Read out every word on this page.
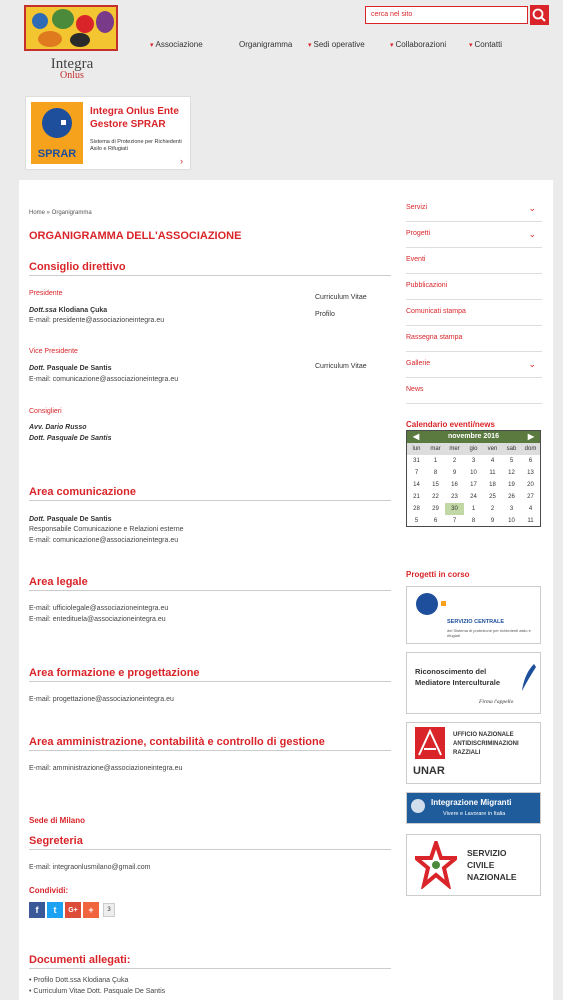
Integra
Onlus
cerca nel sito
▾ Associazione	Organigramma ▾ Sedi operative	▾ Collaborazioni	▾ Contatti
SPRAR
Integra Onlus Ente Gestore SPRAR
Sistema di Protezione per Richiedenti Asilo e Rifugiati
›
Home » Organigramma
ORGANIGRAMMA DELL'ASSOCIAZIONE
Consiglio direttivo
Presidente
Dott.ssa Klodiana Çuka
E-mail: presidente@associazioneintegra.eu
Curriculum Vitae
Profilo
Vice Presidente
Dott. Pasquale De Santis
E-mail: comunicazione@associazioneintegra.eu
Curriculum Vitae
Consiglieri
Avv. Dario Russo
Dott. Pasquale De Santis
Area comunicazione
Dott. Pasquale De Santis
Responsabile Comunicazione e Relazioni esterne
E-mail: comunicazione@associazioneintegra.eu
Area legale
E-mail: ufficiolegale@associazioneintegra.eu
E-mail: entedituela@associazioneintegra.eu
Area formazione e progettazione
E-mail: progettazione@associazioneintegra.eu
Area amministrazione, contabilità e controllo di gestione
E-mail: amministrazione@associazioneintegra.eu
Sede di Milano
Segreteria
E-mail: integraonlusmilano@gmail.com
Condividi:
f	t	G+	+	3
Documenti allegati:
• Profilo Dott.ssa Klodiana Çuka
• Curriculum Vitae Dott. Pasquale De Santis
Servizi	⌄
Progetti	⌄
Eventi
Pubblicazioni
Comunicati stampa
Rassegna stampa
Gallerie	⌄
News
Calendario eventi/news
◀	novembre 2016	▶
lun	mar	mer	gio	ven	sab	dom
31	1	2	3	4	5	6
7	8	9	10	11	12	13
14	15	16	17	18	19	20
21	22	23	24	25	26	27
28	29	30	1	2	3	4
5	6	7	8	9	10	11
Progetti in corso
SERVIZIO CENTRALE
del Sistema di protezione per richiedenti asilo e rifugiati
Riconoscimento del
Mediatore Interculturale
Firma l'appello
UNAR
UFFICIO NAZIONALE
ANTIDISCRIMINAZIONI
RAZZIALI
Integrazione Migranti
Vivere e Lavorare in Italia
SERVIZIO
CIVILE
NAZIONALE
